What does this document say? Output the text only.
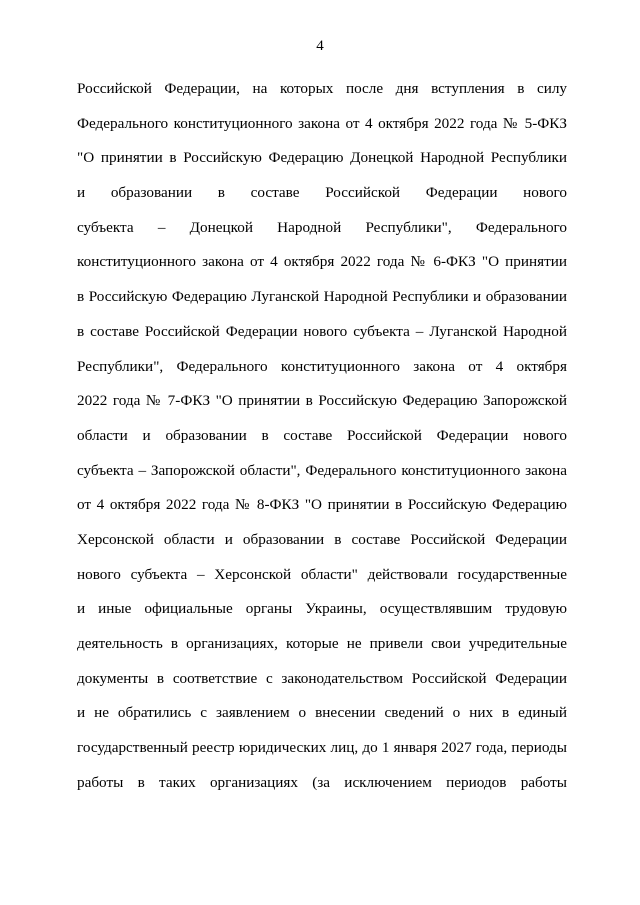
4
Российской Федерации, на которых после дня вступления в силу
Федерального конституционного закона от 4 октября 2022 года № 5-ФКЗ
"О принятии в Российскую Федерацию Донецкой Народной Республики
и образовании в составе Российской Федерации нового
субъекта – Донецкой Народной Республики", Федерального
конституционного закона от 4 октября 2022 года № 6-ФКЗ "О принятии
в Российскую Федерацию Луганской Народной Республики и образовании
в составе Российской Федерации нового субъекта – Луганской Народной
Республики", Федерального конституционного закона от 4 октября
2022 года № 7-ФКЗ "О принятии в Российскую Федерацию Запорожской
области и образовании в составе Российской Федерации нового
субъекта – Запорожской области", Федерального конституционного закона
от 4 октября 2022 года № 8-ФКЗ "О принятии в Российскую Федерацию
Херсонской области и образовании в составе Российской Федерации
нового субъекта – Херсонской области" действовали государственные
и иные официальные органы Украины, осуществлявшим трудовую
деятельность в организациях, которые не привели свои учредительные
документы в соответствие с законодательством Российской Федерации
и не обратились с заявлением о внесении сведений о них в единый
государственный реестр юридических лиц, до 1 января 2027 года, периоды
работы в таких организациях (за исключением периодов работы
